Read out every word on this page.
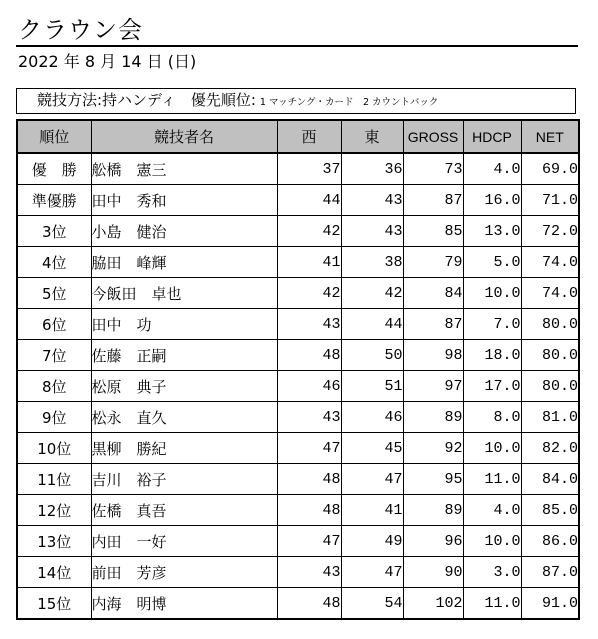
クラウン会
2022 年 8 月 14 日 (日)
競技方法:持ハンディ　優先順位: 1 マッチング・カード　2 カウントバック
順位	競技者名	西	東	GROSS	HDCP	NET
優　勝	舩橋　憲三	37	36	73	4.0	69.0
準優勝	田中　秀和	44	43	87	16.0	71.0
3位	小島　健治	42	43	85	13.0	72.0
4位	脇田　峰輝	41	38	79	5.0	74.0
5位	今飯田　卓也	42	42	84	10.0	74.0
6位	田中　功	43	44	87	7.0	80.0
7位	佐藤　正嗣	48	50	98	18.0	80.0
8位	松原　典子	46	51	97	17.0	80.0
9位	松永　直久	43	46	89	8.0	81.0
10位	黒柳　勝紀	47	45	92	10.0	82.0
11位	吉川　裕子	48	47	95	11.0	84.0
12位	佐橋　真吾	48	41	89	4.0	85.0
13位	内田　一好	47	49	96	10.0	86.0
14位	前田　芳彦	43	47	90	3.0	87.0
15位	内海　明博	48	54	102	11.0	91.0
